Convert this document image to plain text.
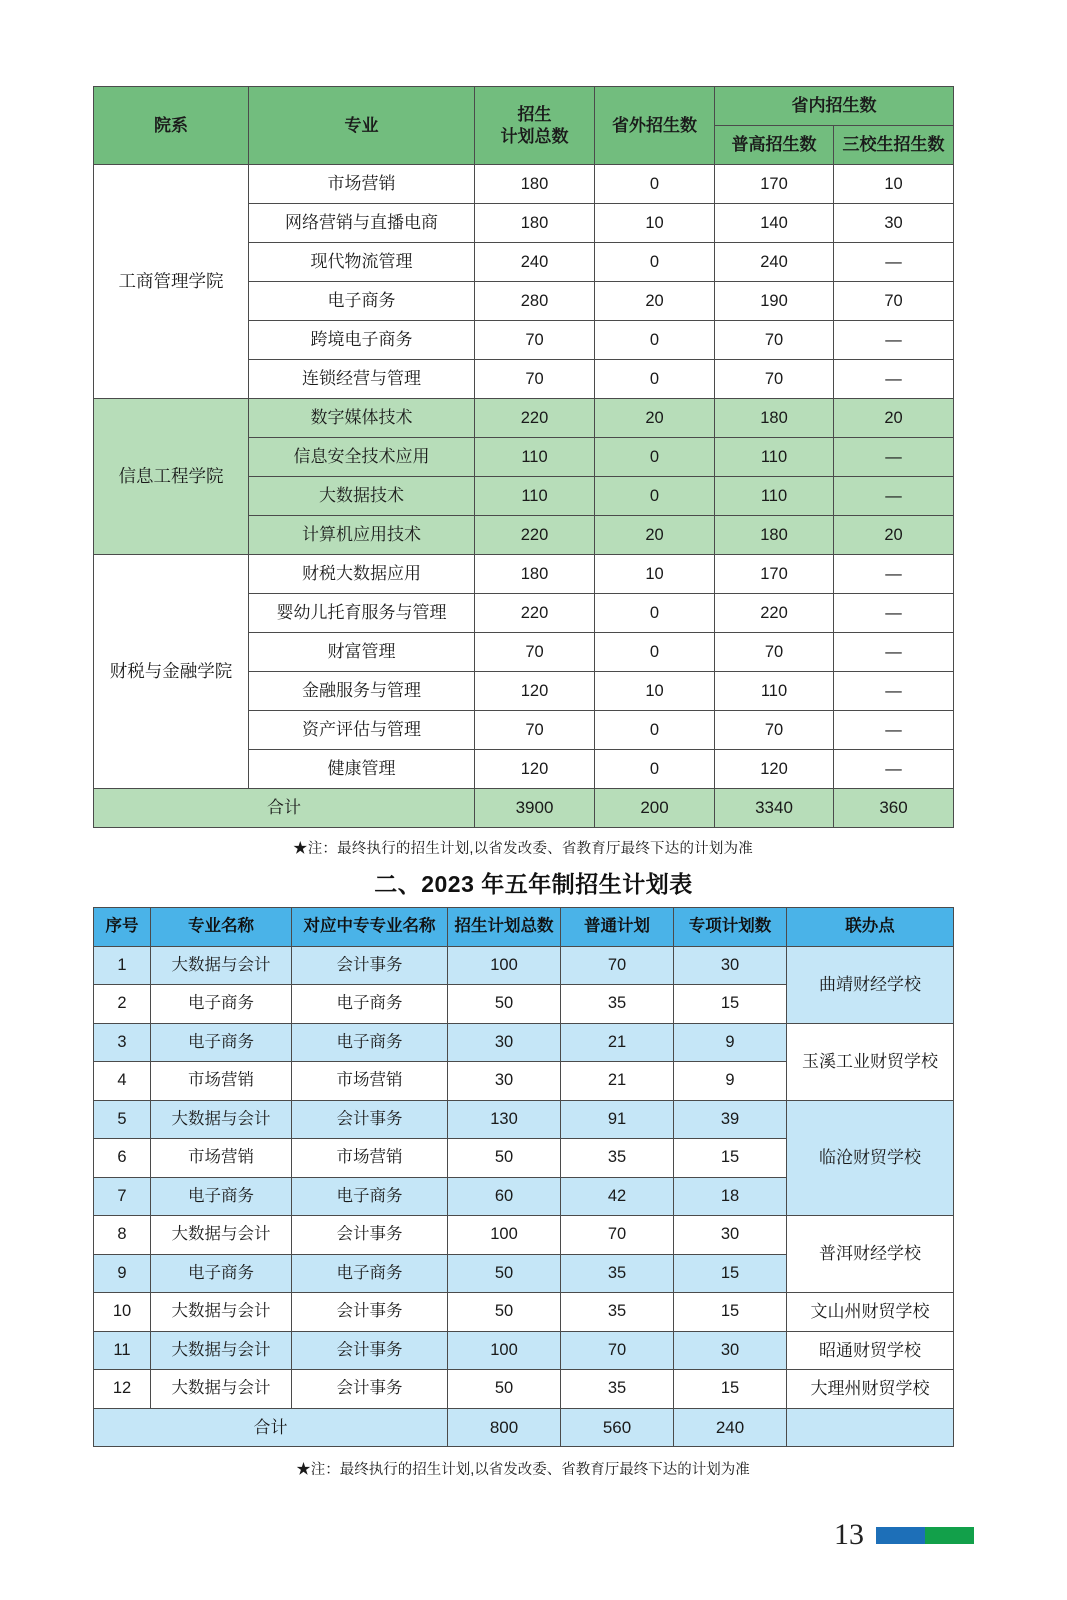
院系	专业	招生
计划总数	省外招生数	省内招生数	
				普高招生数	三校生招生数
工商管理学院	市场营销	180	0	170	10
	网络营销与直播电商	180	10	140	30
	现代物流管理	240	0	240	—
	电子商务	280	20	190	70
	跨境电子商务	70	0	70	—
	连锁经营与管理	70	0	70	—
信息工程学院	数字媒体技术	220	20	180	20
	信息安全技术应用	110	0	110	—
	大数据技术	110	0	110	—
	计算机应用技术	220	20	180	20
财税与金融学院	财税大数据应用	180	10	170	—
	婴幼儿托育服务与管理	220	0	220	—
	财富管理	70	0	70	—
	金融服务与管理	120	10	110	—
	资产评估与管理	70	0	70	—
	健康管理	120	0	120	—
合计		3900	200	3340	360
★注：最终执行的招生计划,以省发改委、省教育厅最终下达的计划为准
二、2023 年五年制招生计划表
序号	专业名称	对应中专专业名称	招生计划总数	普通计划	专项计划数	联办点
1	大数据与会计	会计事务	100	70	30	曲靖财经学校
2	电子商务	电子商务	50	35	15	
3	电子商务	电子商务	30	21	9	玉溪工业财贸学校
4	市场营销	市场营销	30	21	9	
5	大数据与会计	会计事务	130	91	39	临沧财贸学校
6	市场营销	市场营销	50	35	15	
7	电子商务	电子商务	60	42	18	
8	大数据与会计	会计事务	100	70	30	普洱财经学校
9	电子商务	电子商务	50	35	15	
10	大数据与会计	会计事务	50	35	15	文山州财贸学校
11	大数据与会计	会计事务	100	70	30	昭通财贸学校
12	大数据与会计	会计事务	50	35	15	大理州财贸学校
合计			800	560	240	
★注：最终执行的招生计划,以省发改委、省教育厅最终下达的计划为准
13
